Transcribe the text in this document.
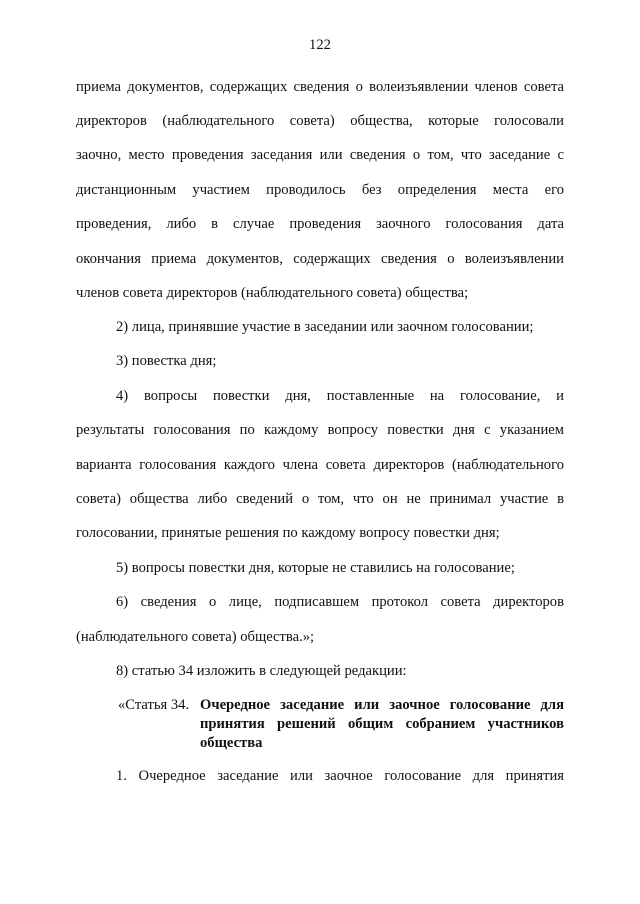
122
приема документов, содержащих сведения о волеизъявлении членов совета
директоров (наблюдательного совета) общества, которые голосовали
заочно, место проведения заседания или сведения о том, что заседание с
дистанционным участием проводилось без определения места его
проведения, либо в случае проведения заочного голосования дата
окончания приема документов, содержащих сведения о волеизъявлении
членов совета директоров (наблюдательного совета) общества;
2) лица, принявшие участие в заседании или заочном голосовании;
3) повестка дня;
4) вопросы повестки дня, поставленные на голосование, и
результаты голосования по каждому вопросу повестки дня с указанием
варианта голосования каждого члена совета директоров (наблюдательного
совета) общества либо сведений о том, что он не принимал участие в
голосовании, принятые решения по каждому вопросу повестки дня;
5) вопросы повестки дня, которые не ставились на голосование;
6) сведения о лице, подписавшем протокол совета директоров
(наблюдательного совета) общества.»;
8) статью 34 изложить в следующей редакции:
«Статья 34. Очередное заседание или заочное голосование для
принятия решений общим собранием участников
общества
1. Очередное заседание или заочное голосование для принятия
